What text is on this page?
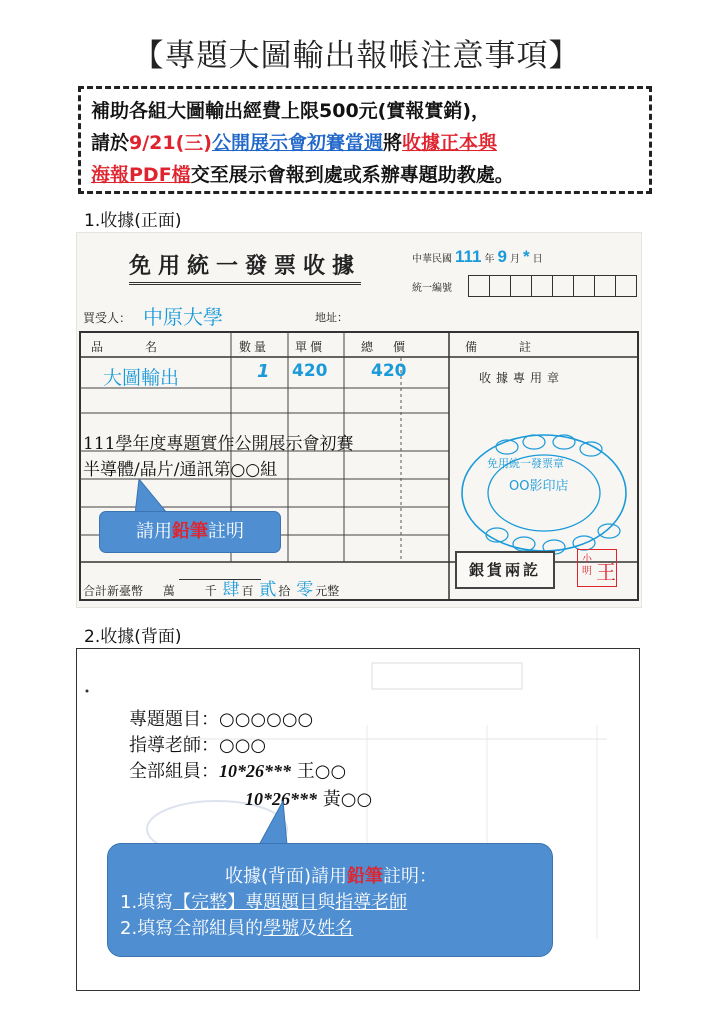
【專題大圖輸出報帳注意事項】
補助各組大圖輸出經費上限500元(實報實銷)，
請於9/21(三)公開展示會初賽當週將收據正本與
海報PDF檔交至展示會報到處或系辦專題助教處。
1.收據(正面)
免用統一發票收據	中華民國 111 年 9 月 * 日
統一編號
買受人： 中原大學	地址：
品　　名	數量 單價	總　價	備　　註
大圖輸出	1 420	420	收據專用章
111學年度專題實作公開展示會初賽
半導體/晶片/通訊第○○組	免用統一發票章
OO影印店
請用鉛筆註明
合計新臺幣 萬 千 肆 百 貳 拾 零 元整
銀貨兩訖
小明 王
2.收據(背面)
專題題目：○○○○○○
指導老師：○○○
全部組員：10*26*** 王○○
10*26*** 黃○○
收據(背面)請用鉛筆註明：
1.填寫【完整】專題題目與指導老師
2.填寫全部組員的學號及姓名
